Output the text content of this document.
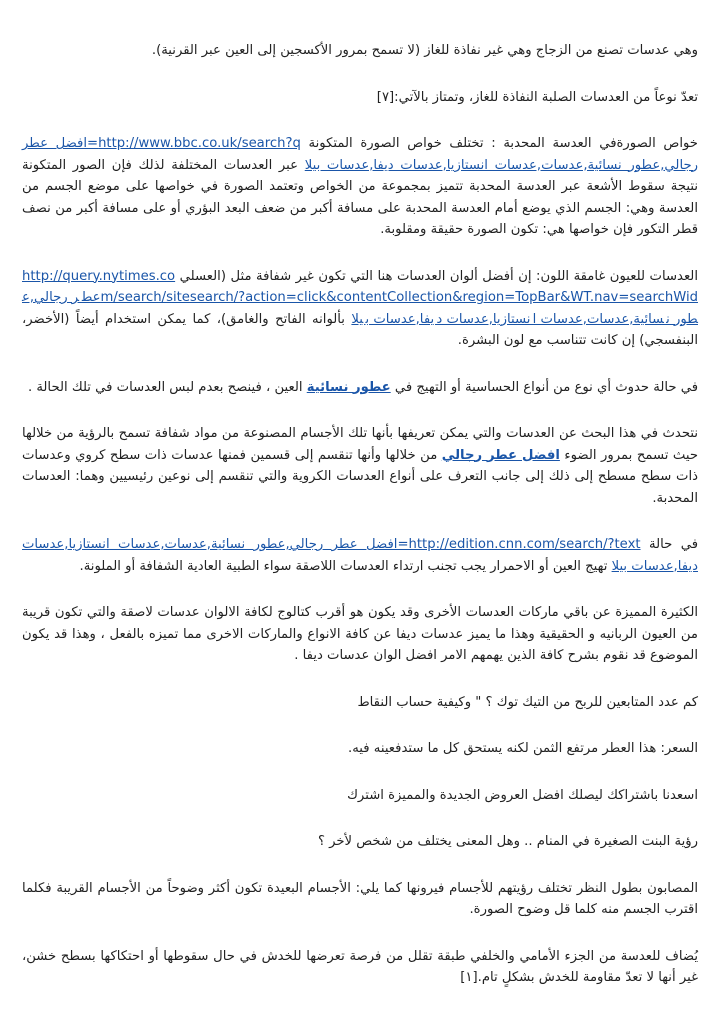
وهي عدسات تصنع من الزجاج وهي غير نفاذة للغاز (لا تسمح بمرور الأكسجين إلى العين عبر القرنية).

تعدّ نوعاً من العدسات الصلبة النفاذة للغاز، وتمتاز بالآتي:[٧]

خواص الصورةفي العدسة المحدبة : تختلف خواص الصورة المتكونة http://www.bbc.co.uk/search?q=افضل عطر رجالي,عطور نسائية,عدسات,عدسات انستازيا,عدسات ديفا,عدسات بيلا عبر العدسات المختلفة لذلك فإن الصور المتكونة نتيجة سقوط الأشعة عبر العدسة المحدبة تتميز بمجموعة من الخواص وتعتمد الصورة في خواصها على موضع الجسم من العدسة وهي: الجسم الذي يوضع أمام العدسة المحدبة على مسافة أكبر من ضعف البعد البؤري أو على مسافة أكبر من نصف قطر التكور فإن خواصها هي: تكون الصورة حقيقة ومقلوبة.

العدسات للعيون غامقة اللون: إن أفضل ألوان العدسات هنا التي تكون غير شفافة مثل (العسلي http://query.nytimes.com/search/sitesearch/?action=click&contentCollection&region=TopBar&WT.nav=searchWidعطر رجالي,عطور نسائية,عدسات,عدسات انستازيا,عدسات ديفا,عدسات بيلا بألوانه الفاتح والغامق)، كما يمكن استخدام أيضاً (الأخضر، البنفسجي) إن كانت تتناسب مع لون البشرة.

في حالة حدوث أي نوع من أنواع الحساسية أو التهيج في عطور نسائية العين ، فينصح بعدم لبس العدسات في تلك الحالة .

نتحدث في هذا البحث عن العدسات والتي يمكن تعريفها بأنها تلك الأجسام المصنوعة من مواد شفافة تسمح بالرؤية من خلالها حيث تسمح بمرور الضوء افضل عطر رجالي من خلالها وأنها تنقسم إلى قسمين فمنها عدسات ذات سطح كروي وعدسات ذات سطح مسطح إلى ذلك إلى جانب التعرف على أنواع العدسات الكروية والتي تنقسم إلى نوعين رئيسيين وهما: العدسات المحدبة.

في حالة http://edition.cnn.com/search/?text=افضل عطر رجالي,عطور نسائية,عدسات,عدسات انستازيا,عدسات ديفا,عدسات بيلا تهيج العين أو الاحمرار يجب تجنب ارتداء العدسات اللاصقة سواء الطبية العادية الشفافة أو الملونة.

الكثيرة المميزة عن باقي ماركات العدسات الأخرى وقد يكون هو أقرب كتالوج لكافة الالوان عدسات لاصقة والتي تكون قريبة من العيون الربانيه و الحقيقية وهذا ما يميز عدسات ديفا عن كافة الانواع والماركات الاخرى مما تميزه بالفعل ، وهذا قد يكون الموضوع قد نقوم بشرح كافة الذين يهمهم الامر افضل الوان عدسات ديفا .

كم عدد المتابعين للربح من التيك توك ؟ " وكيفية حساب النقاط

السعر: هذا العطر مرتفع الثمن لكنه يستحق كل ما ستدفعينه فيه.

اسعدنا باشتراكك ليصلك افضل العروض الجديدة والمميزة اشترك

رؤية البنت الصغيرة في المنام .. وهل المعنى يختلف من شخص لأخر ؟

المصابون بطول النظر تختلف رؤيتهم للأجسام فيرونها كما يلي: الأجسام البعيدة تكون أكثر وضوحاً من الأجسام القريبة فكلما اقترب الجسم منه كلما قل وضوح الصورة.

يُضاف للعدسة من الجزء الأمامي والخلفي طبقة تقلل من فرصة تعرضها للخدش في حال سقوطها أو احتكاكها بسطح خشن، غير أنها لا تعدّ مقاومة للخدش بشكلٍ تام.[١]
